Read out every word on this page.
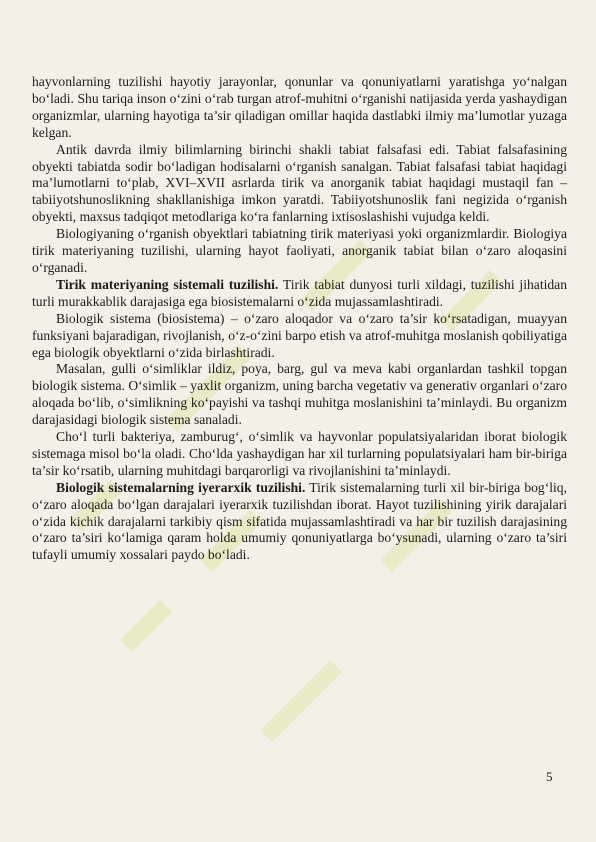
hayvonlarning tuzilishi hayotiy jarayonlar, qonunlar va qonuniyatlarni yaratishga yo‘nalgan bo‘ladi. Shu tariqa inson o‘zini o‘rab turgan atrof-muhitni o‘rganishi natijasida yerda yashaydigan organizmlar, ularning hayotiga ta’sir qiladigan omillar haqida dastlabki ilmiy ma’lumotlar yuzaga kelgan.

Antik davrda ilmiy bilimlarning birinchi shakli tabiat falsafasi edi. Tabiat falsafasining obyekti tabiatda sodir bo‘ladigan hodisalarni o‘rganish sanalgan. Tabiat falsafasi tabiat haqidagi ma’lumotlarni to‘plab, XVI–XVII asrlarda tirik va anorganik tabiat haqidagi mustaqil fan – tabiiyotshunoslikning shakllanishiga imkon yaratdi. Tabiiyotshunoslik fani negizida o‘rganish obyekti, maxsus tadqiqot metodlariga ko‘ra fanlarning ixtisoslashishi vujudga keldi.

Biologiyaning o‘rganish obyektlari tabiatning tirik materiyasi yoki organizmlardir. Biologiya tirik materiyaning tuzilishi, ularning hayot faoliyati, anorganik tabiat bilan o‘zaro aloqasini o‘rganadi.

Tirik materiyaning sistemali tuzilishi. Tirik tabiat dunyosi turli xildagi, tuzilishi jihatidan turli murakkablik darajasiga ega biosistemalarni o‘zida mujassamlashtiradi.

Biologik sistema (biosistema) – o‘zaro aloqador va o‘zaro ta’sir ko‘rsatadigan, muayyan funksiyani bajaradigan, rivojlanish, o‘z-o‘zini barpo etish va atrof-muhitga moslanish qobiliyatiga ega biologik obyektlarni o‘zida birlashtiradi.

Masalan, gulli o‘simliklar ildiz, poya, barg, gul va meva kabi organlardan tashkil topgan biologik sistema. O‘simlik – yaxlit organizm, uning barcha vegetativ va generativ organlari o‘zaro aloqada bo‘lib, o‘simlikning ko‘payishi va tashqi muhitga moslanishini ta’minlaydi. Bu organizm darajasidagi biologik sistema sanaladi.

Cho‘l turli bakteriya, zamburug‘, o‘simlik va hayvonlar populatsiyalaridan iborat biologik sistemaga misol bo‘la oladi. Cho‘lda yashaydigan har xil turlarning populatsiyalari ham bir-biriga ta’sir ko‘rsatib, ularning muhitdagi barqarorligi va rivojlanishini ta’minlaydi.

Biologik sistemalarning iyerarxik tuzilishi. Tirik sistemalarning turli xil bir-biriga bog‘liq, o‘zaro aloqada bo‘lgan darajalari iyerarxik tuzilishdan iborat. Hayot tuzilishining yirik darajalari o‘zida kichik darajalarni tarkibiy qism sifatida mujassamlashtiradi va har bir tuzilish darajasining o‘zaro ta’siri ko‘lamiga qaram holda umumiy qonuniyatlarga bo‘ysunadi, ularning o‘zaro ta’siri tufayli umumiy xossalari paydo bo‘ladi.

5
